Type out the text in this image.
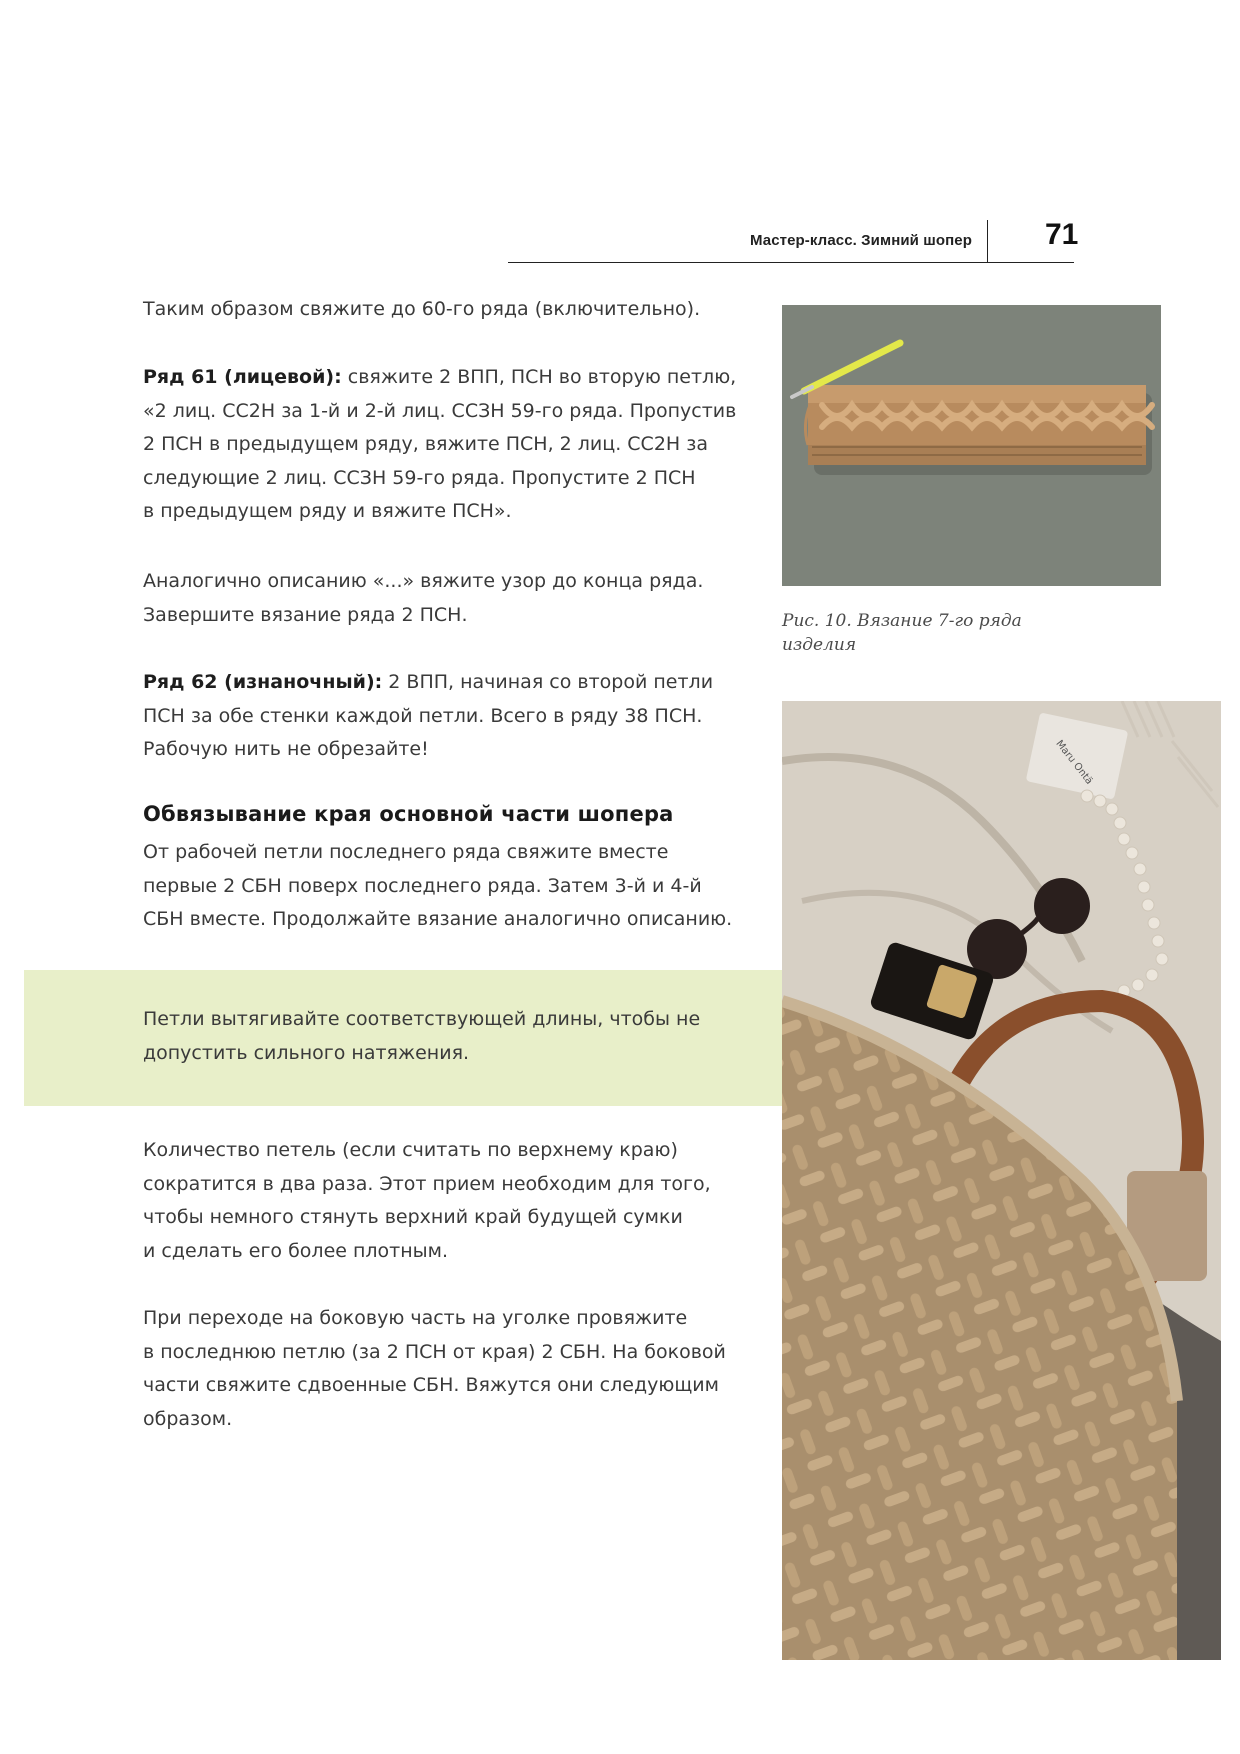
Мастер-класс. Зимний шопер 71

Таким образом свяжите до 60-го ряда (включительно).

Ряд 61 (лицевой): свяжите 2 ВПП, ПСН во вторую петлю,
«2 лиц. СС2Н за 1-й и 2-й лиц. ССЗН 59-го ряда. Пропустив
2 ПСН в предыдущем ряду, вяжите ПСН, 2 лиц. СС2Н за
следующие 2 лиц. ССЗН 59-го ряда. Пропустите 2 ПСН
в предыдущем ряду и вяжите ПСН».

Аналогично описанию «...» вяжите узор до конца ряда.
Завершите вязание ряда 2 ПСН.

Ряд 62 (изнаночный): 2 ВПП, начиная со второй петли
ПСН за обе стенки каждой петли. Всего в ряду 38 ПСН.
Рабочую нить не обрезайте!

Обвязывание края основной части шопера

От рабочей петли последнего ряда свяжите вместе
первые 2 СБН поверх последнего ряда. Затем 3-й и 4-й
СБН вместе. Продолжайте вязание аналогично описанию.

Петли вытягивайте соответствующей длины, чтобы не
допустить сильного натяжения.

Количество петель (если считать по верхнему краю)
сократится в два раза. Этот прием необходим для того,
чтобы немного стянуть верхний край будущей сумки
и сделать его более плотным.

При переходе на боковую часть на уголке провяжите
в последнюю петлю (за 2 ПСН от края) 2 СБН. На боковой
части свяжите сдвоенные СБН. Вяжутся они следующим
образом.

Рис. 10. Вязание 7-го ряда
изделия

Maru Ontä
